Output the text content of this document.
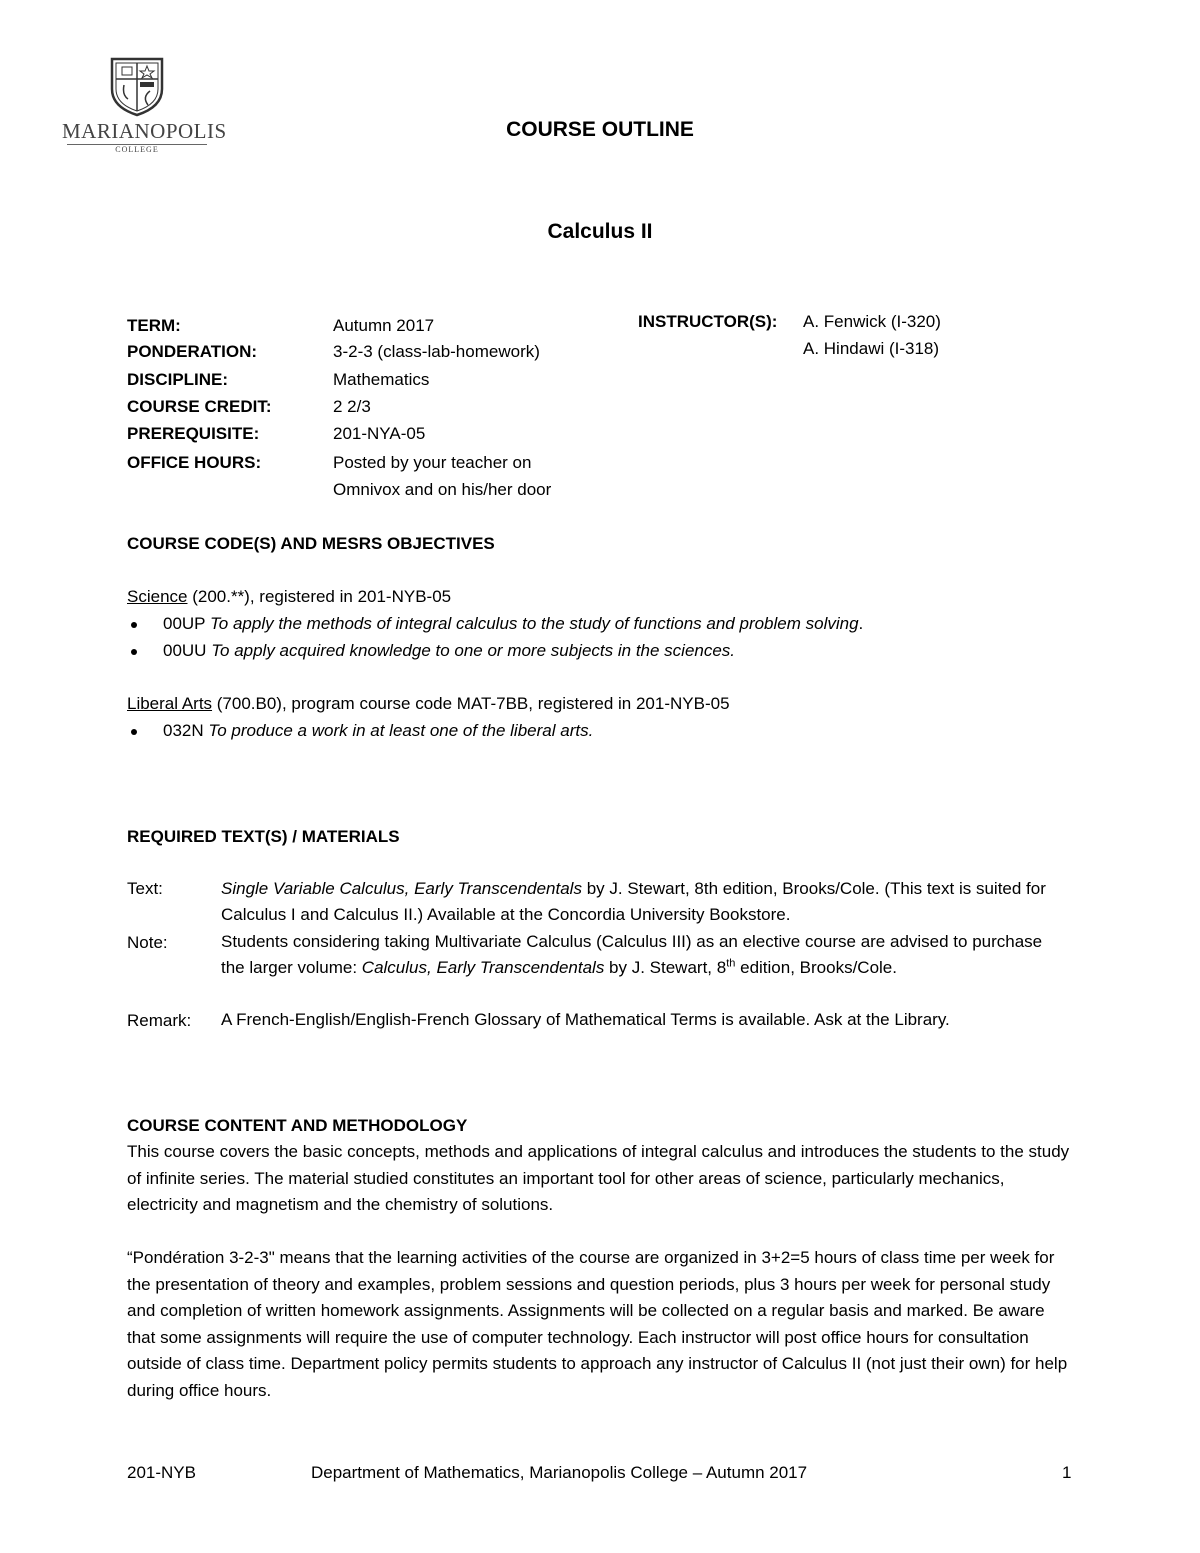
MARIANOPOLIS
COLLEGE
COURSE OUTLINE
Calculus II
TERM:	Autumn 2017
PONDERATION:	3-2-3 (class-lab-homework)
DISCIPLINE:	Mathematics
COURSE CREDIT:	2 2/3
PREREQUISITE:	201-NYA-05
OFFICE HOURS:	Posted by your teacher on
Omnivox and on his/her door
INSTRUCTOR(S): A. Fenwick (I-320)
A. Hindawi (I-318)
COURSE CODE(S) AND MESRS OBJECTIVES
Science (200.**), registered in 201-NYB-05
00UP To apply the methods of integral calculus to the study of functions and problem solving.
00UU To apply acquired knowledge to one or more subjects in the sciences.
Liberal Arts (700.B0), program course code MAT-7BB, registered in 201-NYB-05
032N To produce a work in at least one of the liberal arts.
REQUIRED TEXT(S) / MATERIALS
Text:	Single Variable Calculus, Early Transcendentals by J. Stewart, 8th edition, Brooks/Cole. (This text is suited for Calculus I and Calculus II.) Available at the Concordia University Bookstore.
Note:	Students considering taking Multivariate Calculus (Calculus III) as an elective course are advised to purchase the larger volume: Calculus, Early Transcendentals by J. Stewart, 8th edition, Brooks/Cole.
Remark: A French-English/English-French Glossary of Mathematical Terms is available. Ask at the Library.
COURSE CONTENT AND METHODOLOGY
This course covers the basic concepts, methods and applications of integral calculus and introduces the students to the study of infinite series. The material studied constitutes an important tool for other areas of science, particularly mechanics, electricity and magnetism and the chemistry of solutions.
“Pondération 3-2-3" means that the learning activities of the course are organized in 3+2=5 hours of class time per week for the presentation of theory and examples, problem sessions and question periods, plus 3 hours per week for personal study and completion of written homework assignments. Assignments will be collected on a regular basis and marked. Be aware that some assignments will require the use of computer technology. Each instructor will post office hours for consultation outside of class time. Department policy permits students to approach any instructor of Calculus II (not just their own) for help during office hours.
201-NYB	Department of Mathematics, Marianopolis College – Autumn 2017	1
